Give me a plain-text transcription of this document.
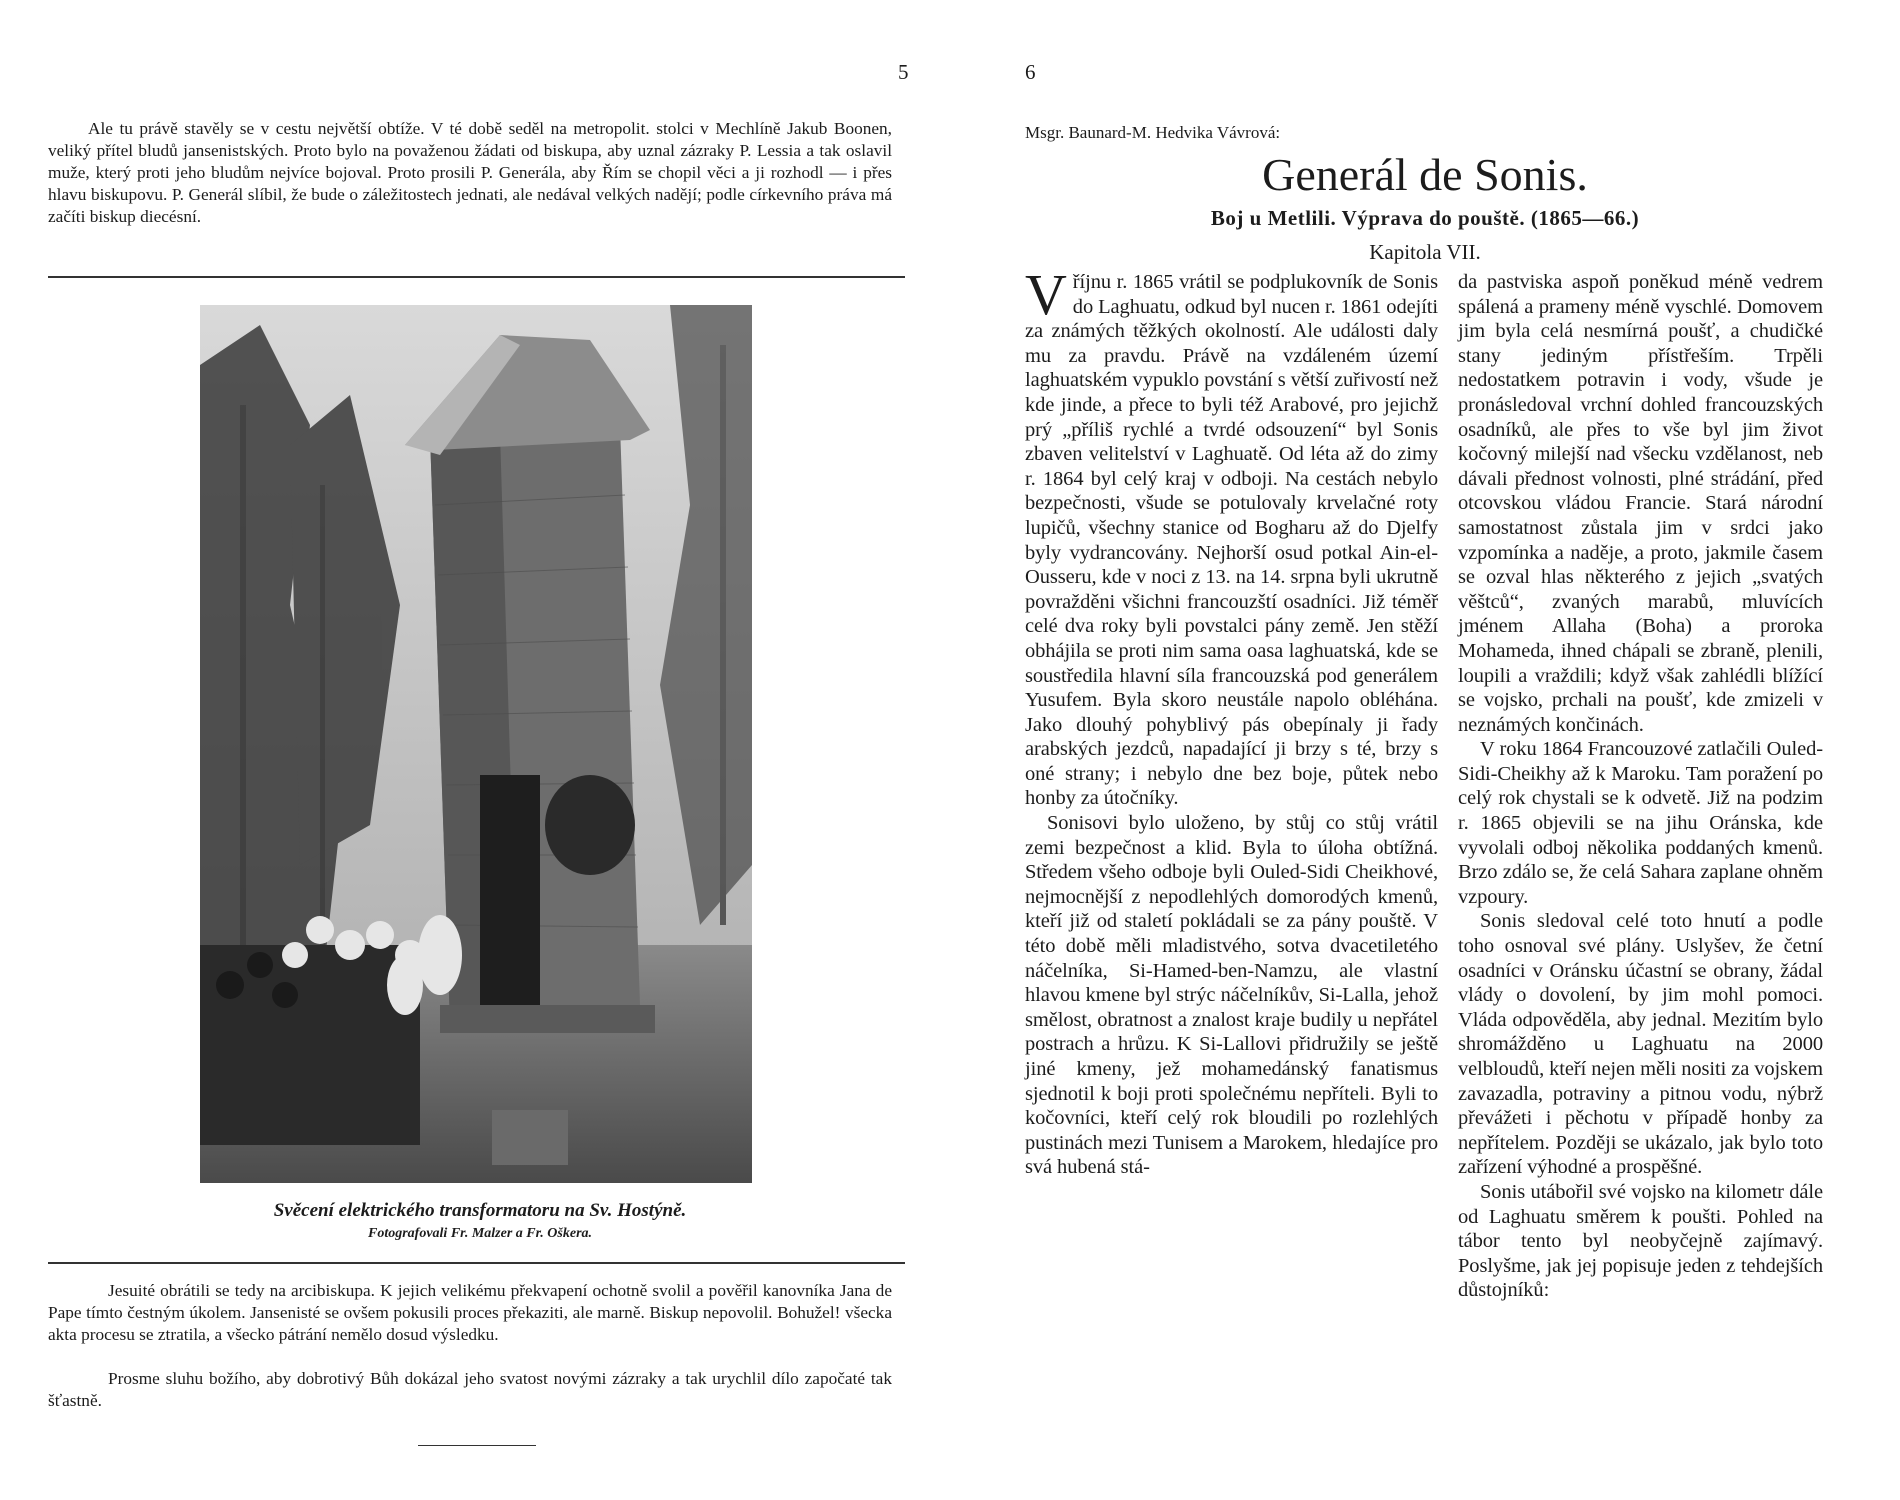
5

Ale tu právě stavěly se v cestu největší obtíže. V té době seděl na metropolit. stolci v Mechlíně Jakub Boonen, veliký přítel bludů jansenistských. Proto bylo na považenou žádati od biskupa, aby uznal zázraky P. Lessia a tak oslavil muže, který proti jeho bludům nejvíce bojoval. Proto prosili P. Generála, aby Řím se chopil věci a ji rozhodl — i přes hlavu biskupovu. P. Generál slíbil, že bude o záležitostech jednati, ale nedával velkých nadějí; podle církevního práva má začíti biskup diecésní.

Svěcení elektrického transformatoru na Sv. Hostýně.

Fotografovali Fr. Malzer a Fr. Oškera.

Jesuité obrátili se tedy na arcibiskupa. K jejich velikému překvapení ochotně svolil a pověřil kanovníka Jana de Pape tímto čestným úkolem. Jansenisté se ovšem pokusili proces překaziti, ale marně. Biskup nepovolil. Bohužel! všecka akta procesu se ztratila, a všecko pátrání nemělo dosud výsledku.

Prosme sluhu božího, aby dobrotivý Bůh dokázal jeho svatost novými zázraky a tak urychlil dílo započaté tak šťastně.

6
Msgr. Baunard-M. Hedvika Vávrová:
Generál de Sonis.
Boj u Metlili. Výprava do pouště. (1865—66.)
Kapitola VII.

Vříjnu r. 1865 vrátil se podplukovník de Sonis do Laghuatu, odkud byl nucen r. 1861 odejíti za známých těžkých okolností. Ale události daly mu za pravdu. Právě na vzdáleném území laghuatském vypuklo povstání s větší zuřivostí než kde jinde, a přece to byli též Arabové, pro jejichž prý „příliš rychlé a tvrdé odsouzení“ byl Sonis zbaven velitelství v Laghuatě. Od léta až do zimy r. 1864 byl celý kraj v odboji. Na cestách nebylo bezpečnosti, všude se potulovaly krvelačné roty lupičů, všechny stanice od Bogharu až do Djelfy byly vydrancovány. Nejhorší osud potkal Ain-el-Ousseru, kde v noci z 13. na 14. srpna byli ukrutně povražděni všichni francouzští osadníci. Již téměř celé dva roky byli povstalci pány země. Jen stěží obhájila se proti nim sama oasa laghuatská, kde se soustředila hlavní síla francouzská pod generálem Yusufem. Byla skoro neustále napolo obléhána. Jako dlouhý pohyblivý pás obepínaly ji řady arabských jezdců, napadající ji brzy s té, brzy s oné strany; i nebylo dne bez boje, půtek nebo honby za útočníky.

Sonisovi bylo uloženo, by stůj co stůj vrátil zemi bezpečnost a klid. Byla to úloha obtížná. Středem všeho odboje byli Ouled-Sidi Cheikhové, nejmocnější z nepodlehlých domorodých kmenů, kteří již od staletí pokládali se za pány pouště. V této době měli mladistvého, sotva dvacetiletého náčelníka, Si-Hamed-ben-Namzu, ale vlastní hlavou kmene byl strýc náčelníkův, Si-Lalla, jehož smělost, obratnost a znalost kraje budily u nepřátel postrach a hrůzu. K Si-Lallovi přidružily se ještě jiné kmeny, jež mohamedánský fanatismus sjednotil k boji proti společnému nepříteli. Byli to kočovníci, kteří celý rok bloudili po rozlehlých pustinách mezi Tunisem a Marokem, hledajíce pro svá hubená stá-

da pastviska aspoň poněkud méně vedrem spálená a prameny méně vyschlé. Domovem jim byla celá nesmírná poušť, a chudičké stany jediným přístřeším. Trpěli nedostatkem potravin i vody, všude je pronásledoval vrchní dohled francouzských osadníků, ale přes to vše byl jim život kočovný milejší nad všecku vzdělanost, neb dávali přednost volnosti, plné strádání, před otcovskou vládou Francie. Stará národní samostatnost zůstala jim v srdci jako vzpomínka a naděje, a proto, jakmile časem se ozval hlas některého z jejich „svatých věštců“, zvaných marabů, mluvících jménem Allaha (Boha) a proroka Mohameda, ihned chápali se zbraně, plenili, loupili a vraždili; když však zahlédli blížící se vojsko, prchali na poušť, kde zmizeli v neznámých končinách.

V roku 1864 Francouzové zatlačili Ouled-Sidi-Cheikhy až k Maroku. Tam poražení po celý rok chystali se k odvetě. Již na podzim r. 1865 objevili se na jihu Oránska, kde vyvolali odboj několika poddaných kmenů. Brzo zdálo se, že celá Sahara zaplane ohněm vzpoury.

Sonis sledoval celé toto hnutí a podle toho osnoval své plány. Uslyšev, že četní osadníci v Oránsku účastní se obrany, žádal vlády o dovolení, by jim mohl pomoci. Vláda odpověděla, aby jednal. Mezitím bylo shromážděno u Laghuatu na 2000 velbloudů, kteří nejen měli nositi za vojskem zavazadla, potraviny a pitnou vodu, nýbrž převážeti i pěchotu v případě honby za nepřítelem. Později se ukázalo, jak bylo toto zařízení výhodné a prospěšné.

Sonis utábořil své vojsko na kilometr dále od Laghuatu směrem k poušti. Pohled na tábor tento byl neobyčejně zajímavý. Poslyšme, jak jej popisuje jeden z tehdejších důstojníků:
